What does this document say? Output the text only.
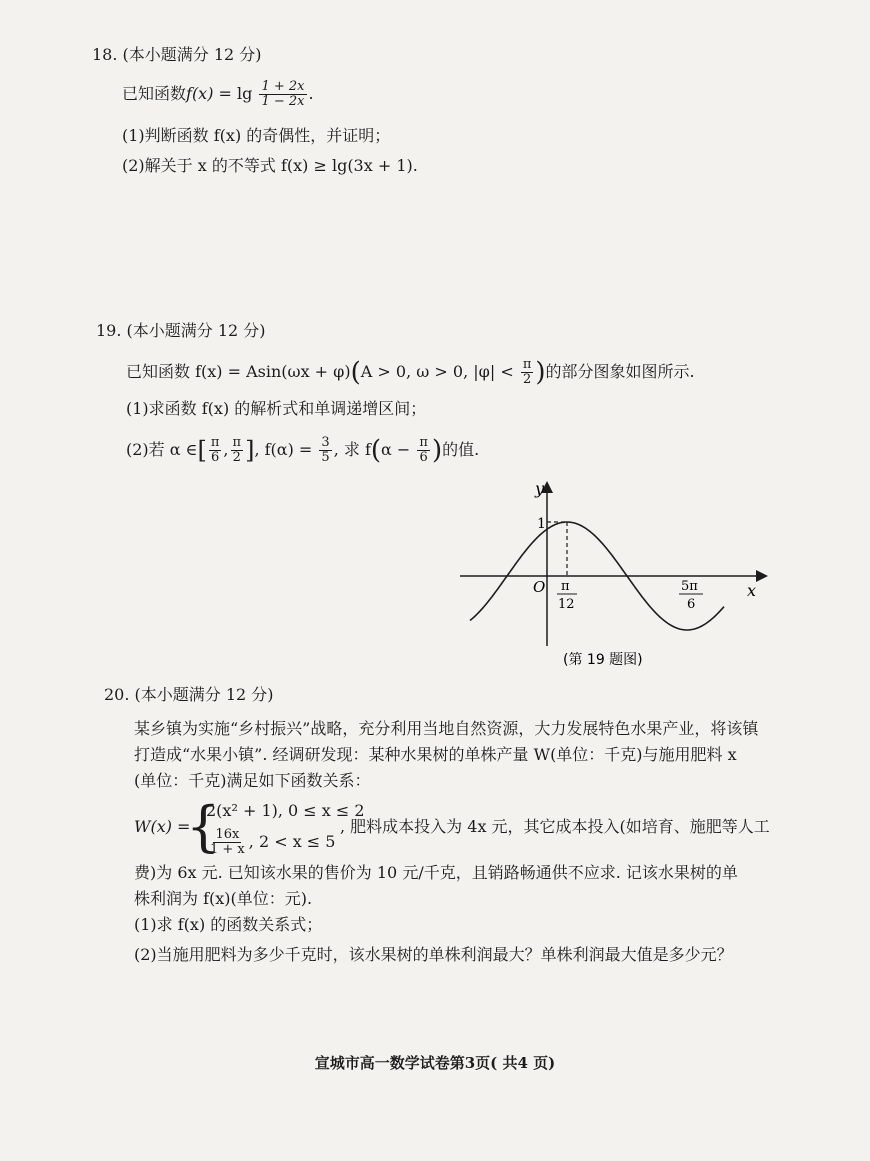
18. (本小题满分 12 分)
已知函数$f(x) = \lg \frac{1 + 2x}{1 - 2x}$ .
(1)判断函数 f(x) 的奇偶性，并证明；
(2)解关于 x 的不等式 f(x) ≥ lg(3x + 1).
19. (本小题满分 12 分)
已知函数 f(x) = Asin(ωx + φ)(A > 0, ω > 0, $|\varphi| < \frac{\pi}{2}$ )的部分图象如图所示.
(1)求函数 f(x) 的解析式和单调递增区间；
(2)若 α ∈[ $\frac{\pi}{6}$ , $\frac{\pi}{2}$ ], $f(\alpha) = \frac{3}{5}$ , 求 $f(\alpha - \frac{\pi}{6}$ )的值.
y
x
O
1
π
12
5π
6
(第 19 题图)
20. (本小题满分 12 分)
某乡镇为实施“乡村振兴”战略，充分利用当地自然资源，大力发展特色水果产业，将该镇
打造成“水果小镇”. 经调研发现：某种水果树的单株产量 W(单位：千克)与施用肥料 x
(单位：千克)满足如下函数关系：
W(x) =
{
2(x² + 1), 0 ≤ x ≤ 2
$\frac{16x}{1 + x}$ , 2 < x ≤ 5
, 肥料成本投入为 4x 元，其它成本投入(如培育、施肥等人工
费)为 6x 元. 已知该水果的售价为 10 元/千克，且销路畅通供不应求. 记该水果树的单
株利润为 f(x)(单位：元).
(1)求 f(x) 的函数关系式；
(2)当施用肥料为多少千克时，该水果树的单株利润最大？单株利润最大值是多少元？
宣城市高一数学试卷第3页( 共4 页)
